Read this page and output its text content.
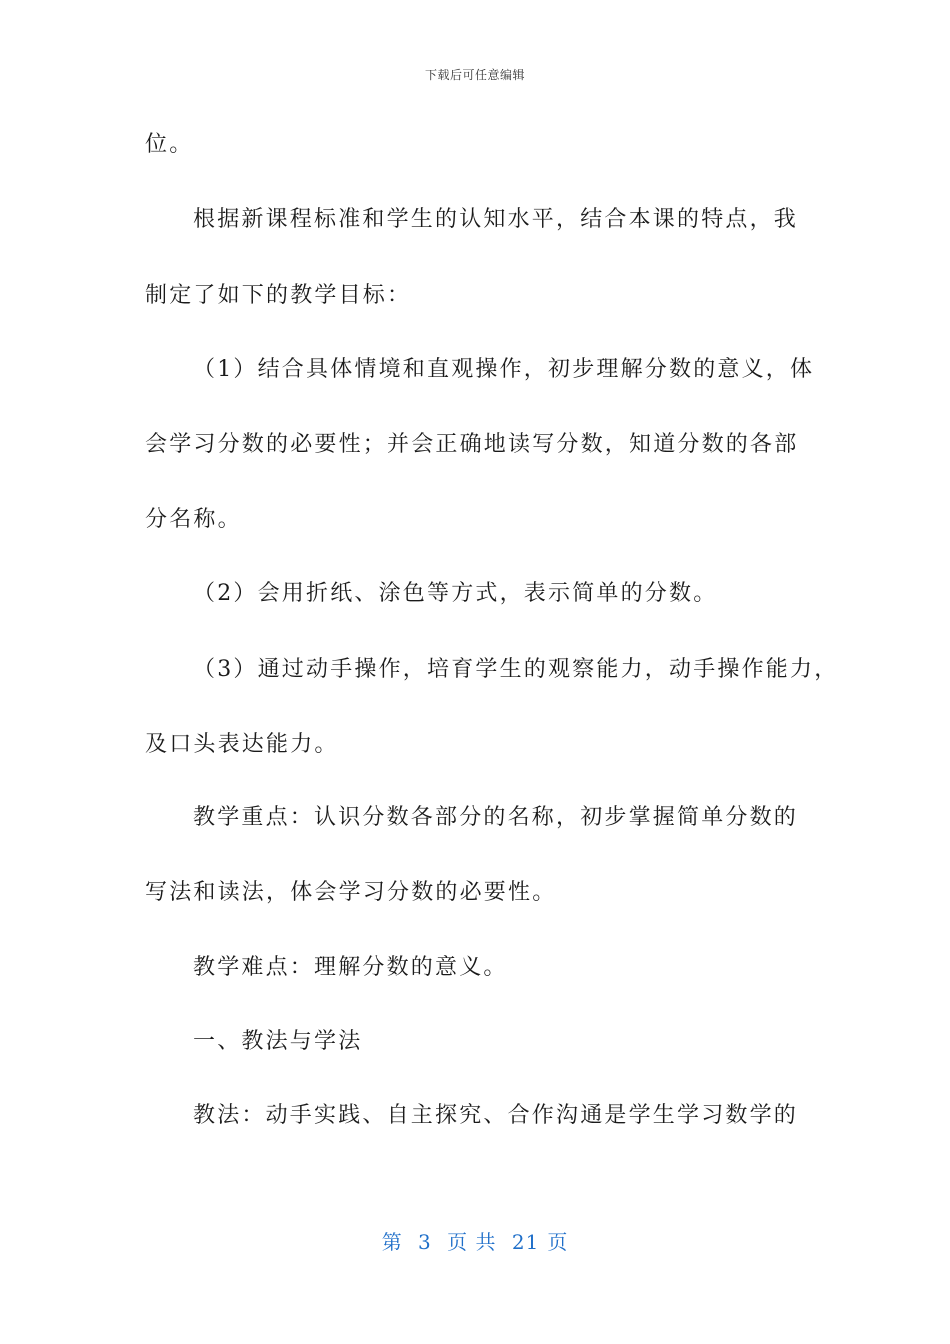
下载后可任意编辑
位。
根据新课程标准和学生的认知水平，结合本课的特点，我
制定了如下的教学目标：
（1）结合具体情境和直观操作，初步理解分数的意义，体
会学习分数的必要性；并会正确地读写分数，知道分数的各部
分名称。
（2）会用折纸、涂色等方式，表示简单的分数。
（3）通过动手操作，培育学生的观察能力，动手操作能力，
及口头表达能力。
教学重点：认识分数各部分的名称，初步掌握简单分数的
写法和读法，体会学习分数的必要性。
教学难点：理解分数的意义。
一、教法与学法
教法：动手实践、自主探究、合作沟通是学生学习数学的
第 3 页 共 21 页
